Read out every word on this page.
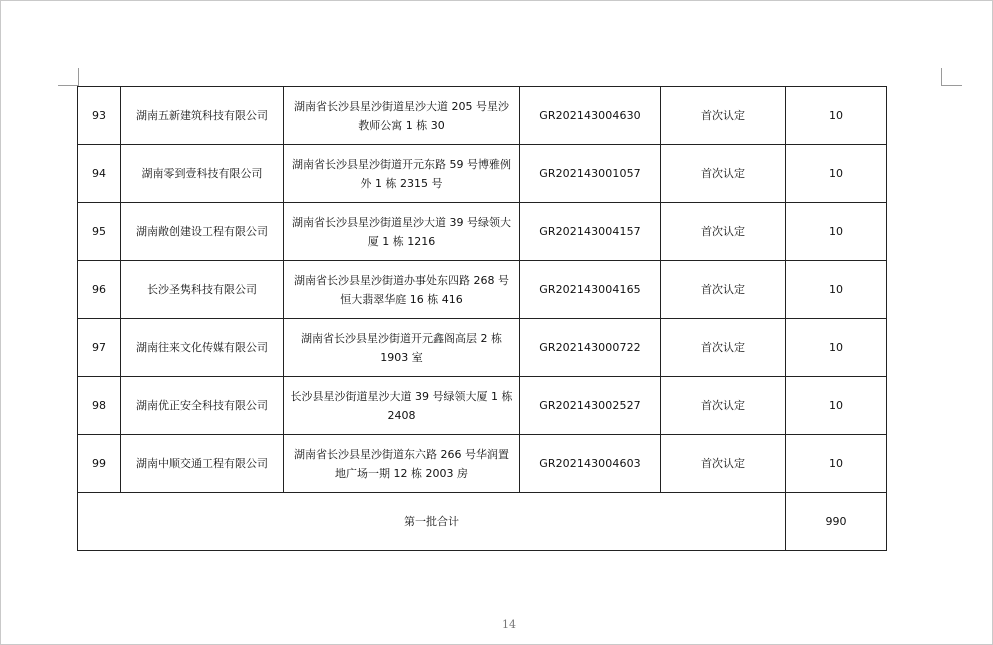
93	湖南五新建筑科技有限公司	湖南省长沙县星沙街道星沙大道 205 号星沙教师公寓 1 栋 30	GR202143004630	首次认定	10
94	湖南零到壹科技有限公司	湖南省长沙县星沙街道开元东路 59 号博雅例外 1 栋 2315 号	GR202143001057	首次认定	10
95	湖南敞创建设工程有限公司	湖南省长沙县星沙街道星沙大道 39 号绿领大厦 1 栋 1216	GR202143004157	首次认定	10
96	长沙圣隽科技有限公司	湖南省长沙县星沙街道办事处东四路 268 号恒大翡翠华庭 16 栋 416	GR202143004165	首次认定	10
97	湖南往来文化传媒有限公司	湖南省长沙县星沙街道开元鑫阁高层 2 栋 1903 室	GR202143000722	首次认定	10
98	湖南优正安全科技有限公司	长沙县星沙街道星沙大道 39 号绿领大厦 1 栋 2408	GR202143002527	首次认定	10
99	湖南中顺交通工程有限公司	湖南省长沙县星沙街道东六路 266 号华润置地广场一期 12 栋 2003 房	GR202143004603	首次认定	10
第一批合计					990
14
